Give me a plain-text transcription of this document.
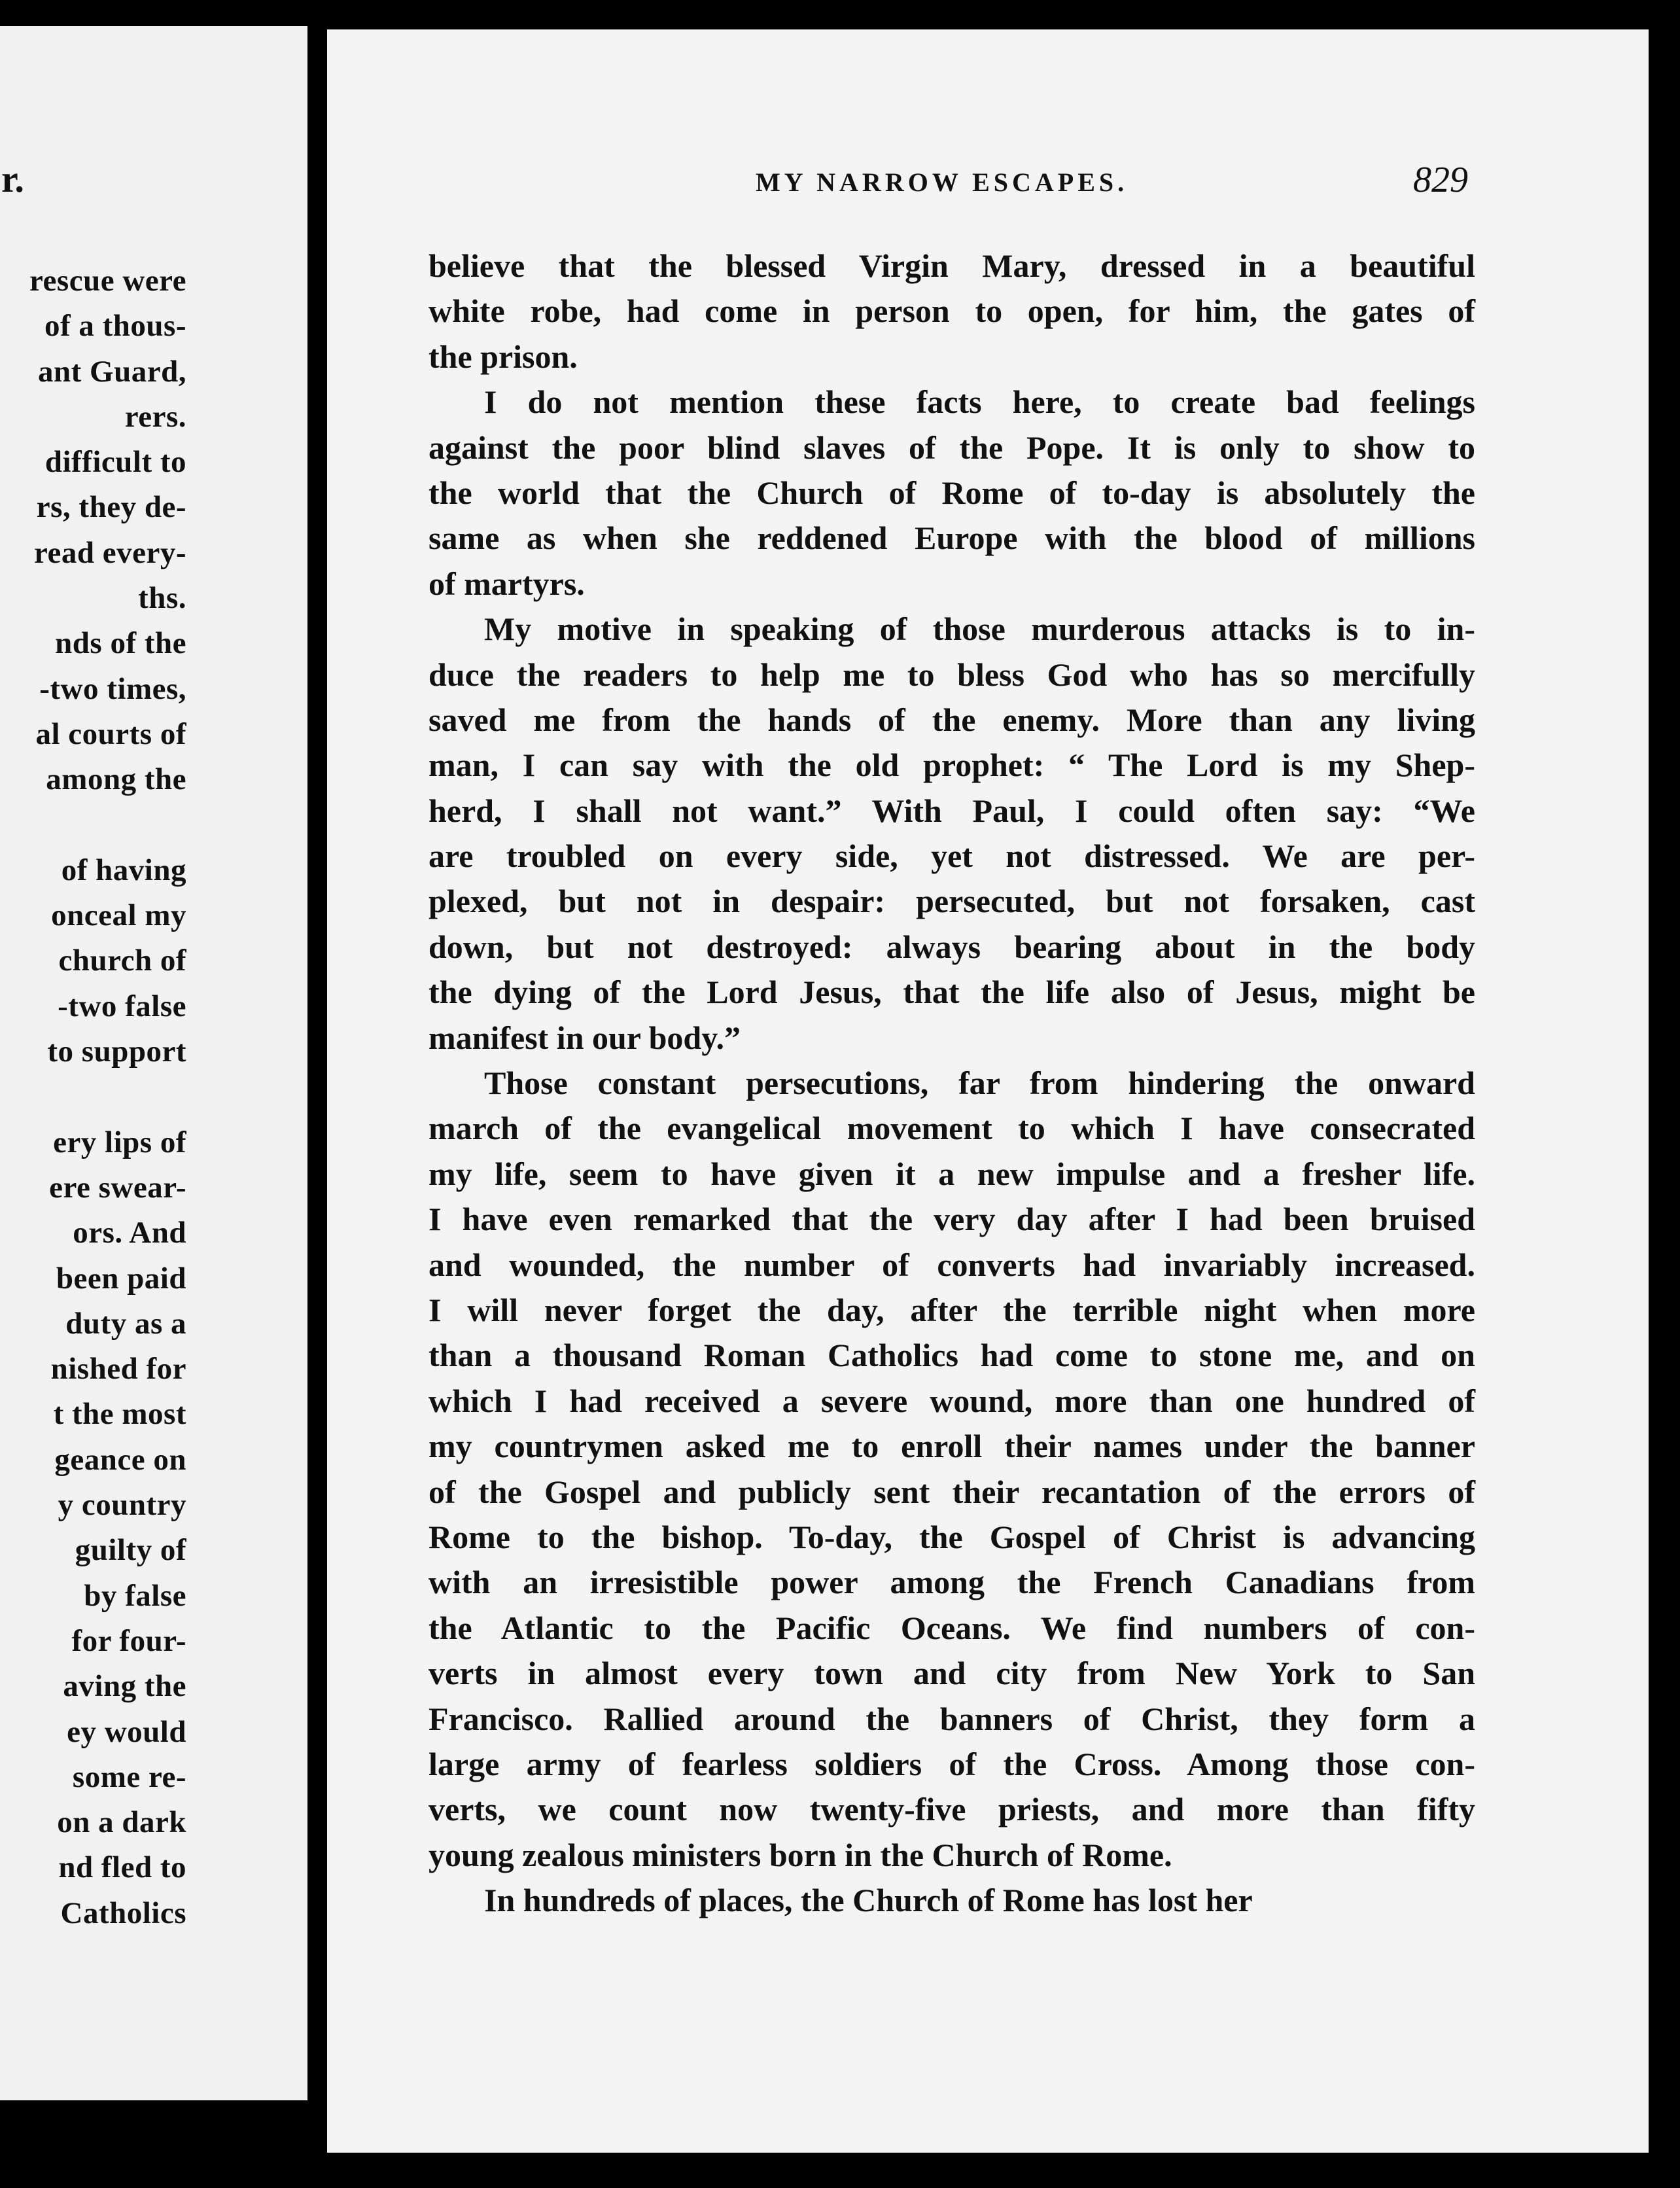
r.
rescue were
of a thous-
ant Guard,
rers.
difficult to
rs, they de-
read every-
ths.
nds of the
-two times,
al courts of
among the
of having
onceal my
church of
-two false
to support
ery lips of
ere swear-
ors. And
been paid
duty as a
nished for
t the most
geance on
y country
guilty of
by false
for four-
aving the
ey would
some re-
on a dark
nd fled to
Catholics
MY NARROW ESCAPES.	829
believe that the blessed Virgin Mary, dressed in a beautiful
white robe, had come in person to open, for him, the gates of
the prison.
I do not mention these facts here, to create bad feelings
against the poor blind slaves of the Pope. It is only to show to
the world that the Church of Rome of to-day is absolutely the
same as when she reddened Europe with the blood of millions
of martyrs.
My motive in speaking of those murderous attacks is to in-
duce the readers to help me to bless God who has so mercifully
saved me from the hands of the enemy. More than any living
man, I can say with the old prophet: “ The Lord is my Shep-
herd, I shall not want.” With Paul, I could often say: “We
are troubled on every side, yet not distressed. We are per-
plexed, but not in despair: persecuted, but not forsaken, cast
down, but not destroyed: always bearing about in the body
the dying of the Lord Jesus, that the life also of Jesus, might be
manifest in our body.”
Those constant persecutions, far from hindering the onward
march of the evangelical movement to which I have consecrated
my life, seem to have given it a new impulse and a fresher life.
I have even remarked that the very day after I had been bruised
and wounded, the number of converts had invariably increased.
I will never forget the day, after the terrible night when more
than a thousand Roman Catholics had come to stone me, and on
which I had received a severe wound, more than one hundred of
my countrymen asked me to enroll their names under the banner
of the Gospel and publicly sent their recantation of the errors of
Rome to the bishop. To-day, the Gospel of Christ is advancing
with an irresistible power among the French Canadians from
the Atlantic to the Pacific Oceans. We find numbers of con-
verts in almost every town and city from New York to San
Francisco. Rallied around the banners of Christ, they form a
large army of fearless soldiers of the Cross. Among those con-
verts, we count now twenty-five priests, and more than fifty
young zealous ministers born in the Church of Rome.
In hundreds of places, the Church of Rome has lost her
